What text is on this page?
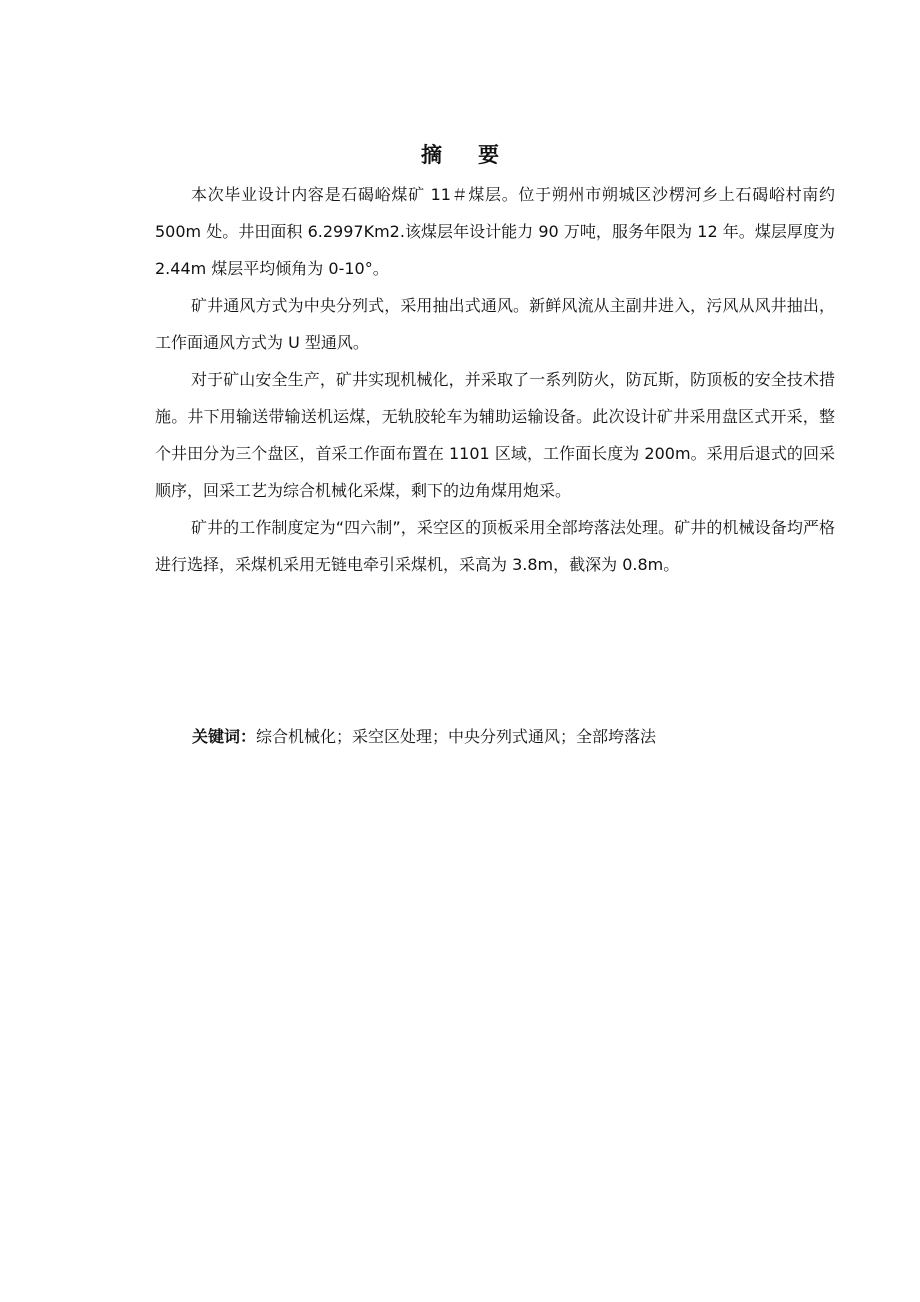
摘 要

本次毕业设计内容是石碣峪煤矿 11＃煤层。位于朔州市朔城区沙楞河乡上石碣峪村南约 500m 处。井田面积 6.2997Km2.该煤层年设计能力 90 万吨，服务年限为 12 年。煤层厚度为 2.44m 煤层平均倾角为 0-10°。

矿井通风方式为中央分列式，采用抽出式通风。新鲜风流从主副井进入，污风从风井抽出，工作面通风方式为 U 型通风。

对于矿山安全生产，矿井实现机械化，并采取了一系列防火，防瓦斯，防顶板的安全技术措施。井下用输送带输送机运煤，无轨胶轮车为辅助运输设备。此次设计矿井采用盘区式开采，整个井田分为三个盘区，首采工作面布置在 1101 区域，工作面长度为 200m。采用后退式的回采顺序，回采工艺为综合机械化采煤，剩下的边角煤用炮采。

矿井的工作制度定为“四六制”，采空区的顶板采用全部垮落法处理。矿井的机械设备均严格进行选择，采煤机采用无链电牵引采煤机，采高为 3.8m，截深为 0.8m。

关键词：综合机械化；采空区处理；中央分列式通风；全部垮落法
